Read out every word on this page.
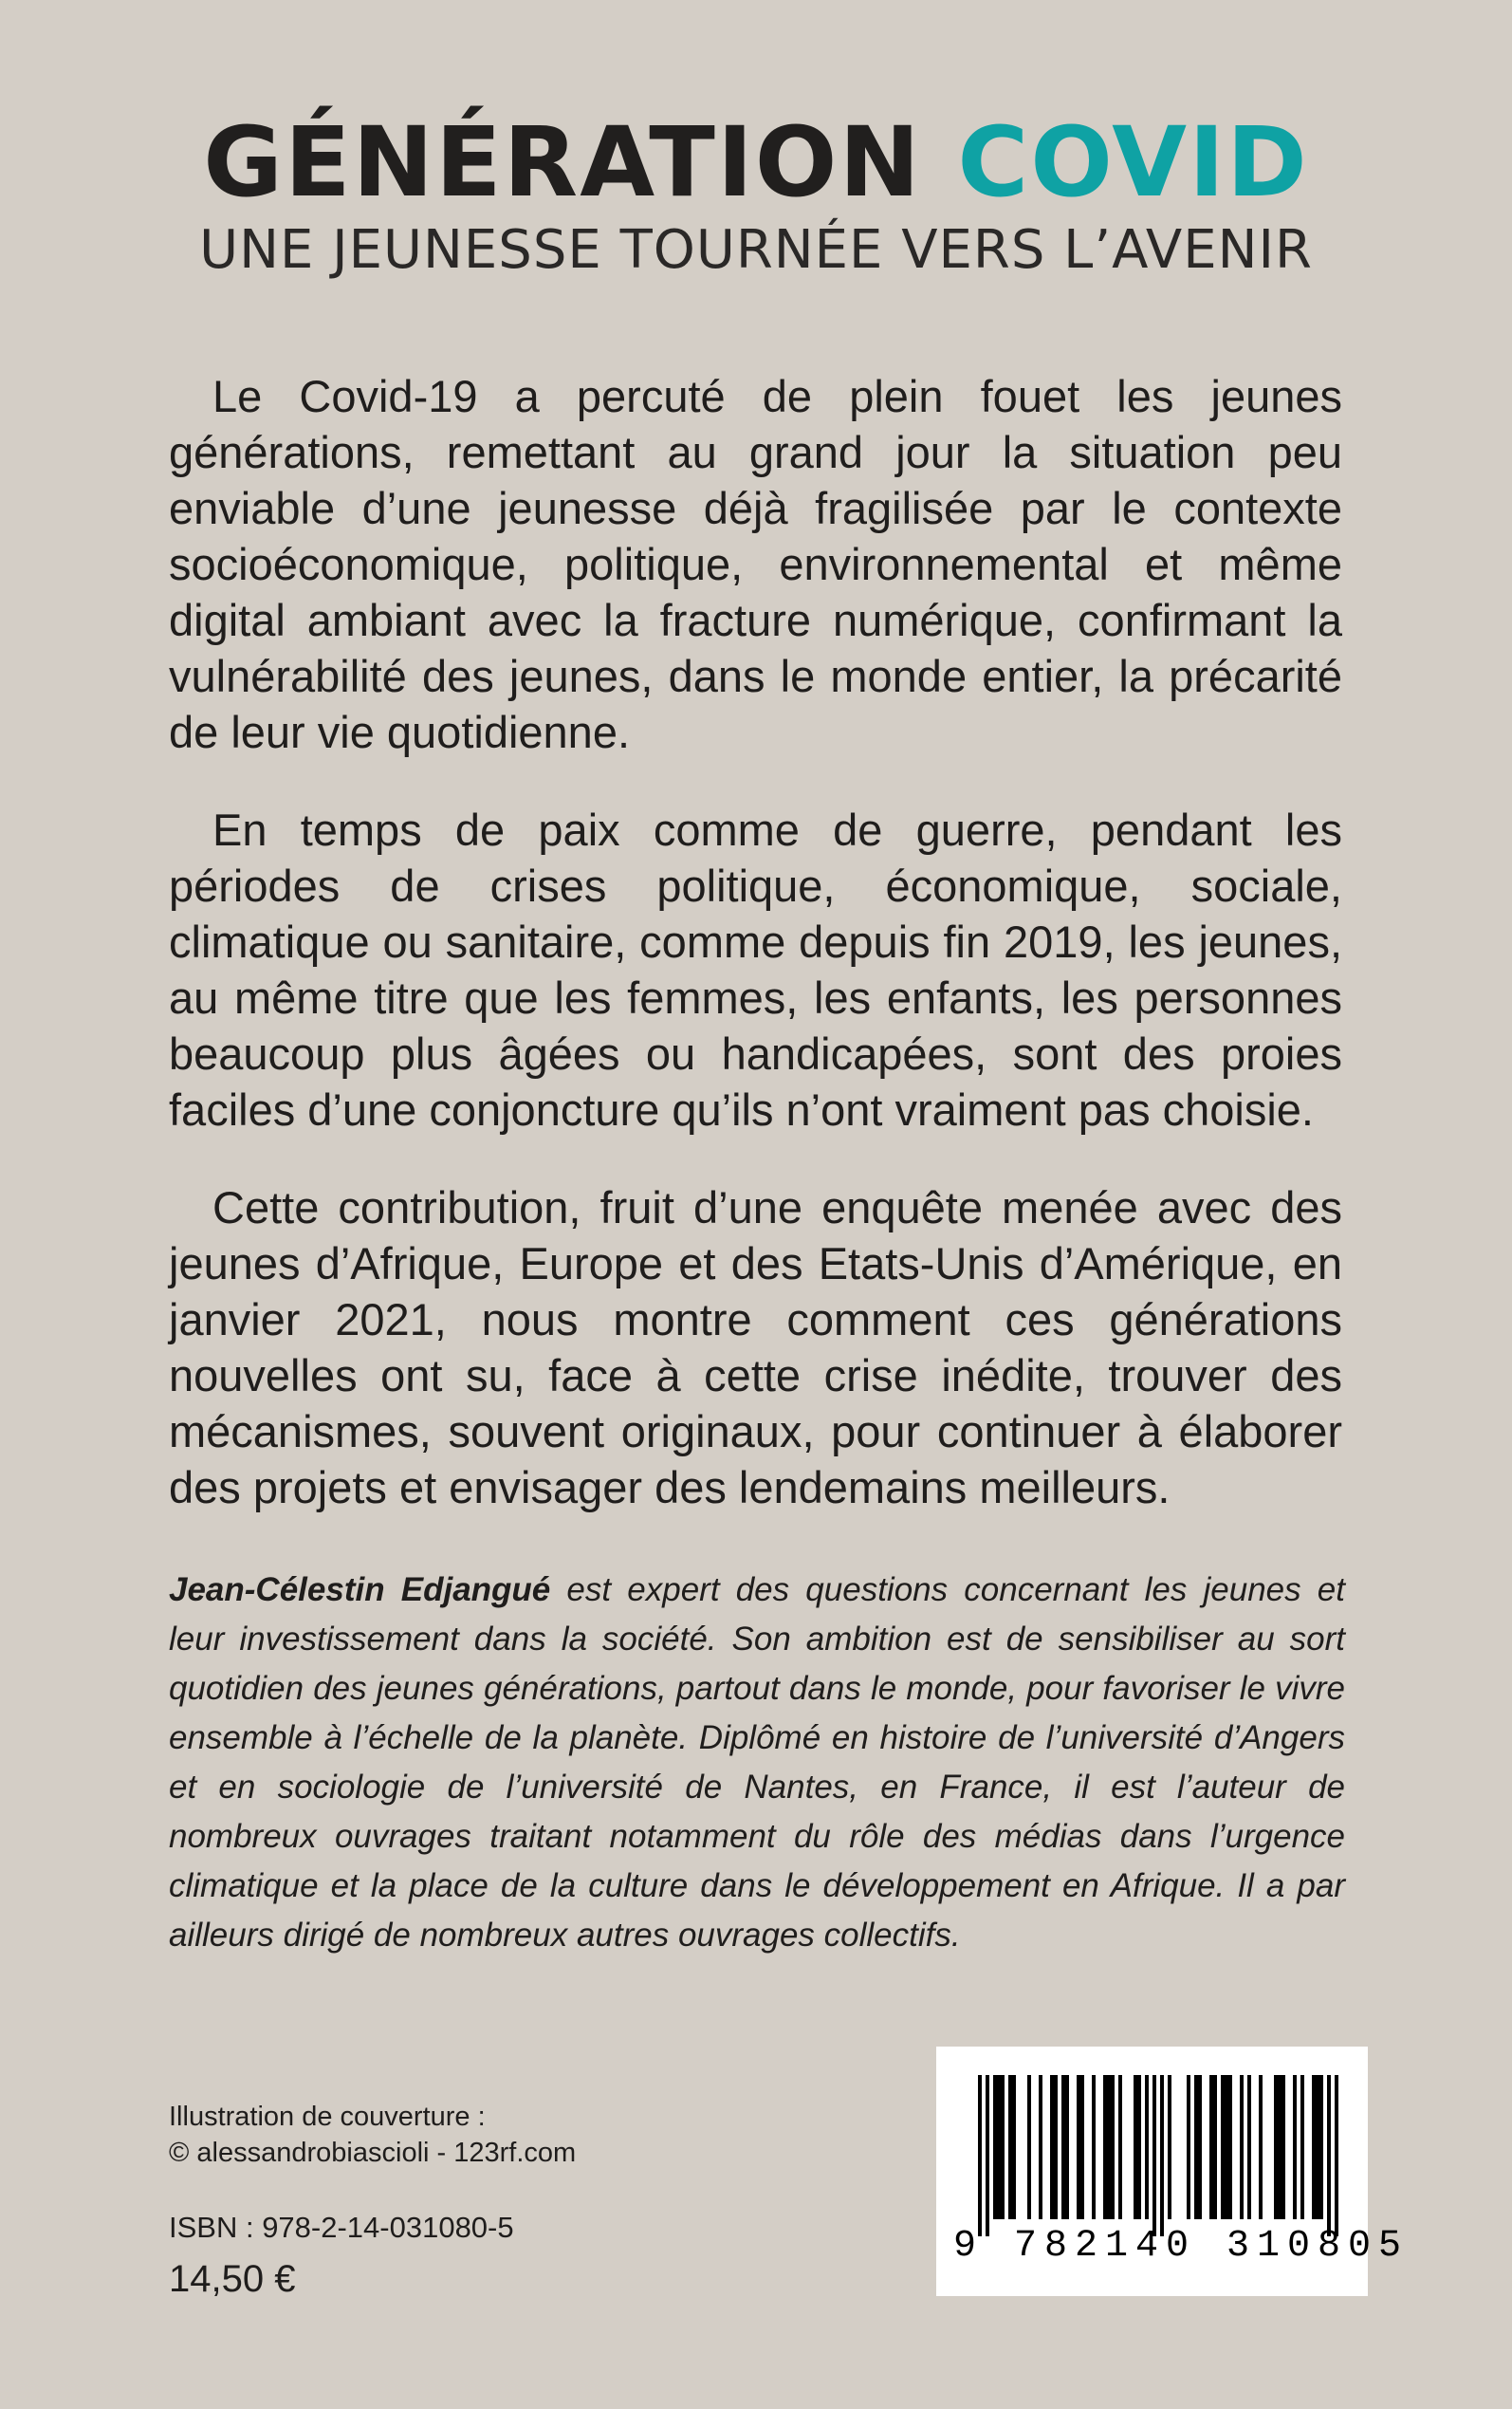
GÉNÉRATION COVID
UNE JEUNESSE TOURNÉE VERS L’AVENIR

Le Covid-19 a percuté de plein fouet les jeunes générations, remettant au grand jour la situation peu enviable d’une jeunesse déjà fragilisée par le contexte socioéconomique, politique, environnemental et même digital ambiant avec la fracture numérique, confirmant la vulnérabilité des jeunes, dans le monde entier, la précarité de leur vie quotidienne.

En temps de paix comme de guerre, pendant les périodes de crises politique, économique, sociale, climatique ou sanitaire, comme depuis fin 2019, les jeunes, au même titre que les femmes, les enfants, les personnes beaucoup plus âgées ou handicapées, sont des proies faciles d’une conjoncture qu’ils n’ont vraiment pas choisie.

Cette contribution, fruit d’une enquête menée avec des jeunes d’Afrique, Europe et des Etats-Unis d’Amérique, en janvier 2021, nous montre comment ces générations nouvelles ont su, face à cette crise inédite, trouver des mécanismes, souvent originaux, pour continuer à élaborer des projets et envisager des lendemains meilleurs.

Jean-Célestin Edjangué est expert des questions concernant les jeunes et leur investissement dans la société. Son ambition est de sensibiliser au sort quotidien des jeunes générations, partout dans le monde, pour favoriser le vivre ensemble à l’échelle de la planète. Diplômé en histoire de l’université d’Angers et en sociologie de l’université de Nantes, en France, il est l’auteur de nombreux ouvrages traitant notamment du rôle des médias dans l’urgence climatique et la place de la culture dans le développement en Afrique. Il a par ailleurs dirigé de nombreux autres ouvrages collectifs.
Illustration de couverture :
© alessandrobiascioli - 123rf.com
ISBN : 978-2-14-031080-5
14,50 €
9 782140 310805
